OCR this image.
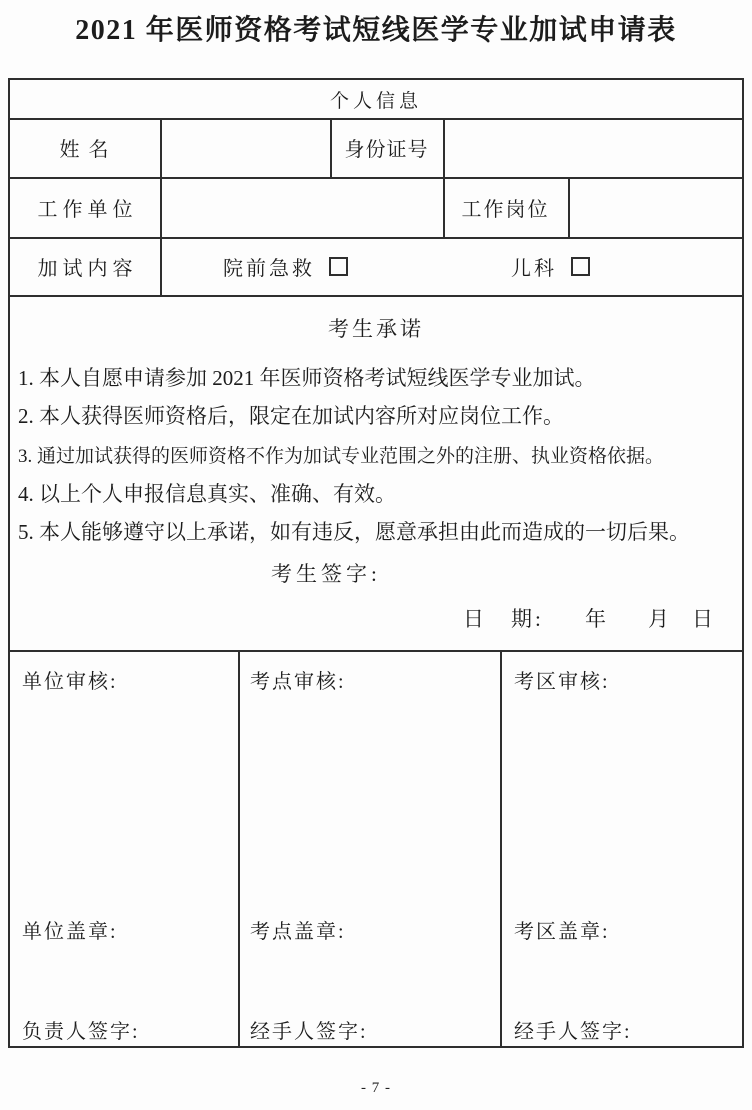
2021 年医师资格考试短线医学专业加试申请表
个人信息
姓 名	身份证号
工 作 单 位	工作岗位
加 试 内 容	院前急救	儿科
考生承诺
1. 本人自愿申请参加 2021 年医师资格考试短线医学专业加试。
2. 本人获得医师资格后，限定在加试内容所对应岗位工作。
3. 通过加试获得的医师资格不作为加试专业范围之外的注册、执业资格依据。
4. 以上个人申报信息真实、准确、有效。
5. 本人能够遵守以上承诺，如有违反，愿意承担由此而造成的一切后果。
考生签字:
日　期: 年 月 日
单位审核:
单位盖章:
负责人签字:
考点审核:
考点盖章:
经手人签字:
考区审核:
考区盖章:
经手人签字:
- 7 -
